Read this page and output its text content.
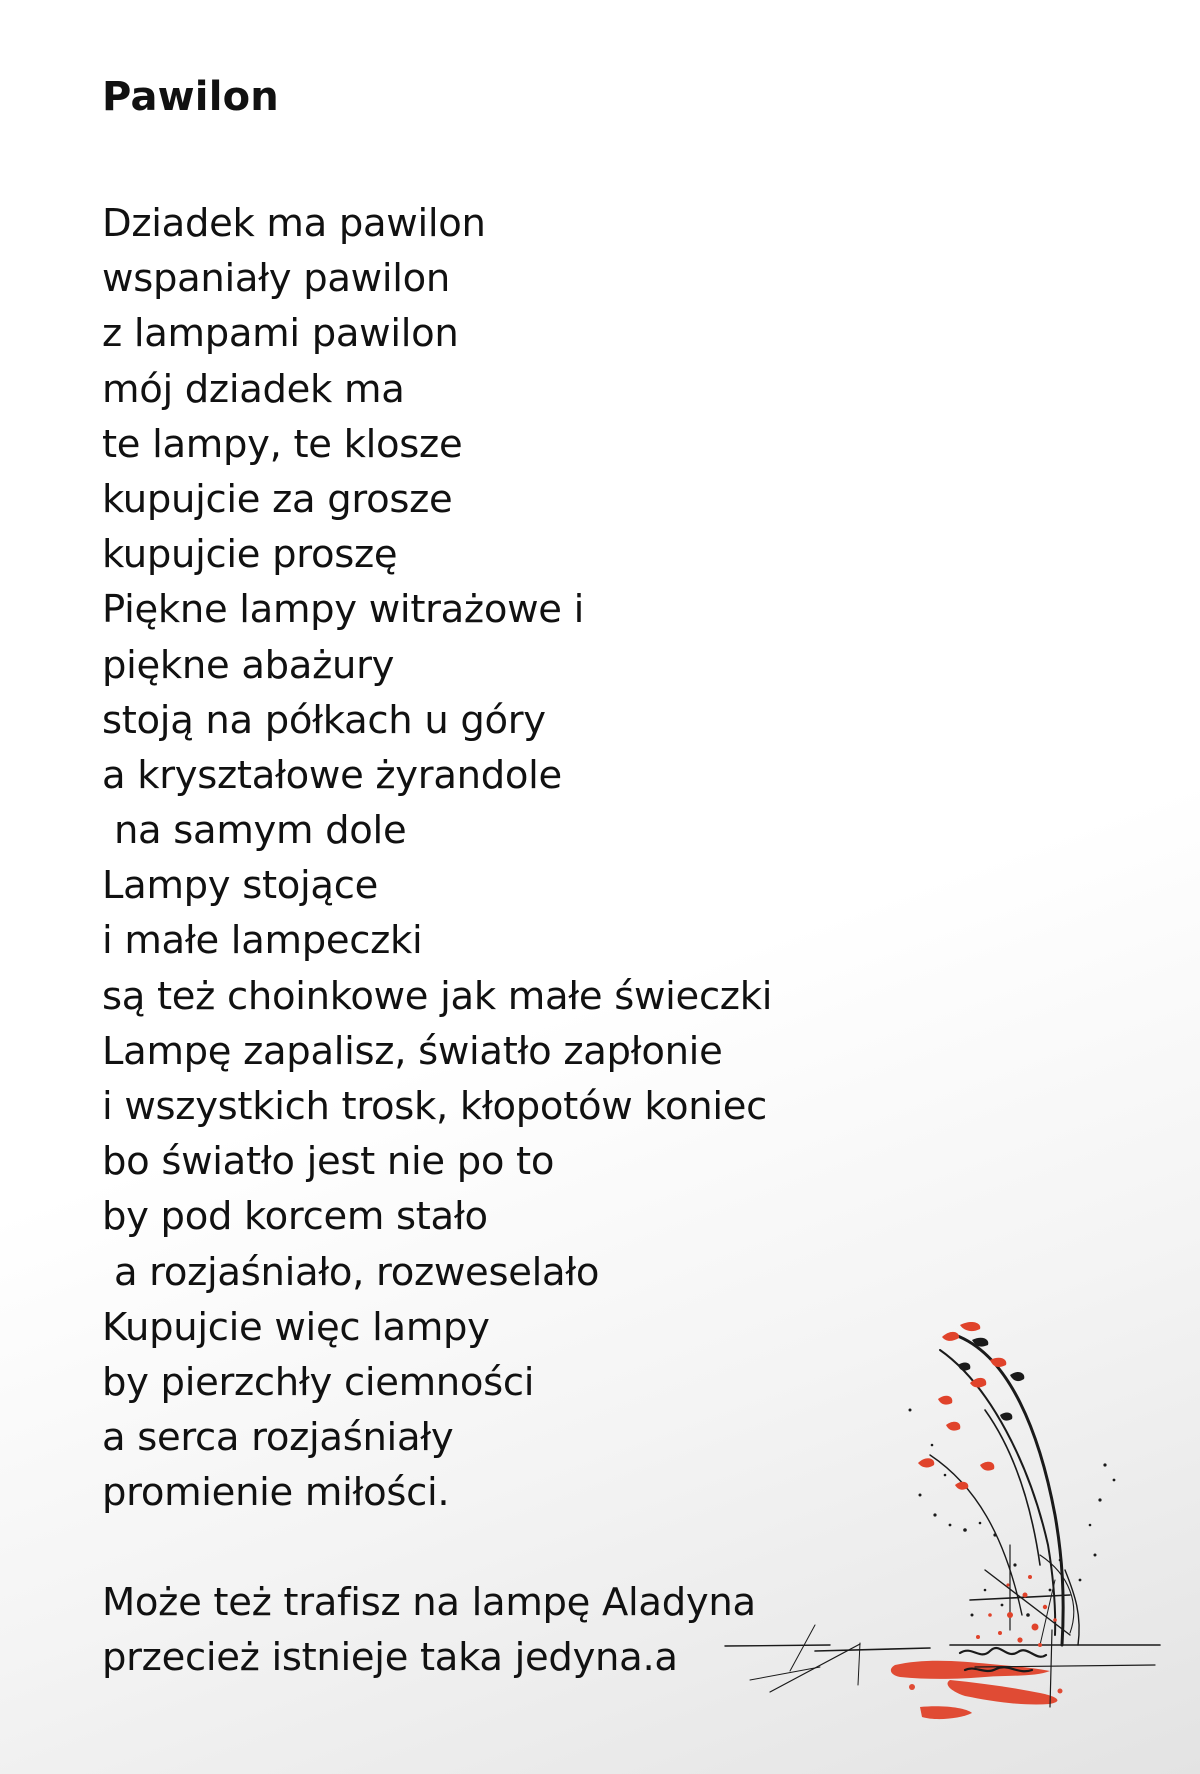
Pawilon
Dziadek ma pawilon
wspaniały pawilon
z lampami pawilon
mój dziadek ma
te lampy, te klosze
kupujcie za grosze
kupujcie proszę
Piękne lampy witrażowe i
piękne abażury
stoją na półkach u góry
a kryształowe żyrandole
na samym dole
Lampy stojące
i małe lampeczki
są też choinkowe jak małe świeczki
Lampę zapalisz, światło zapłonie
i wszystkich trosk, kłopotów koniec
bo światło jest nie po to
by pod korcem stało
a rozjaśniało, rozweselało
Kupujcie więc lampy
by pierzchły ciemności
a serca rozjaśniały
promienie miłości.
Może też trafisz na lampę Aladyna
przecież istnieje taka jedyna.a
